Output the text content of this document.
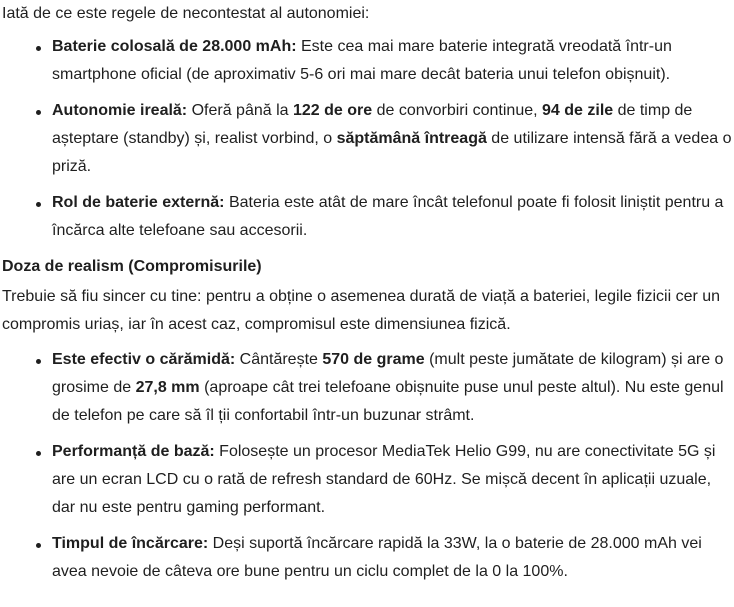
Iată de ce este regele de necontestat al autonomiei:

Baterie colosală de 28.000 mAh: Este cea mai mare baterie integrată vreodată într-un smartphone oficial (de aproximativ 5-6 ori mai mare decât bateria unui telefon obișnuit).
Autonomie ireală: Oferă până la 122 de ore de convorbiri continue, 94 de zile de timp de așteptare (standby) și, realist vorbind, o săptămână întreagă de utilizare intensă fără a vedea o priză.
Rol de baterie externă: Bateria este atât de mare încât telefonul poate fi folosit liniștit pentru a încărca alte telefoane sau accesorii.

Doza de realism (Compromisurile)

Trebuie să fiu sincer cu tine: pentru a obține o asemenea durată de viață a bateriei, legile fizicii cer un compromis uriaș, iar în acest caz, compromisul este dimensiunea fizică.

Este efectiv o cărămidă: Cântărește 570 de grame (mult peste jumătate de kilogram) și are o grosime de 27,8 mm (aproape cât trei telefoane obișnuite puse unul peste altul). Nu este genul de telefon pe care să îl ții confortabil într-un buzunar strâmt.
Performanță de bază: Folosește un procesor MediaTek Helio G99, nu are conectivitate 5G și are un ecran LCD cu o rată de refresh standard de 60Hz. Se mișcă decent în aplicații uzuale, dar nu este pentru gaming performant.
Timpul de încărcare: Deși suportă încărcare rapidă la 33W, la o baterie de 28.000 mAh vei avea nevoie de câteva ore bune pentru un ciclu complet de la 0 la 100%.
